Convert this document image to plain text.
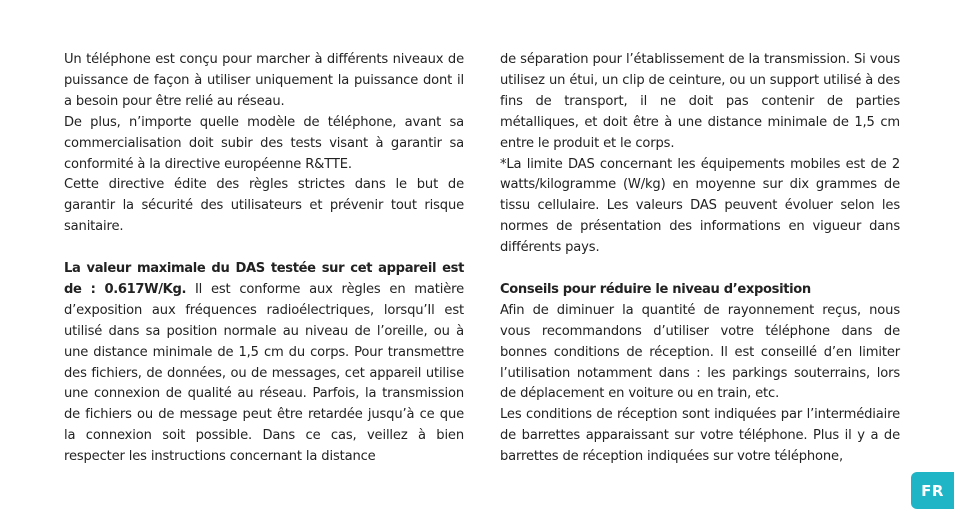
Un téléphone est conçu pour marcher à différents niveaux de puissance de façon à utiliser uniquement la puissance dont il a besoin pour être relié au réseau.

De plus, n’importe quelle modèle de téléphone, avant sa commercialisation doit subir des tests visant à garantir sa conformité à la directive européenne R&TTE.

Cette directive édite des règles strictes dans le but de garantir la sécurité des utilisateurs et prévenir tout risque sanitaire.

La valeur maximale du DAS testée sur cet appareil est de : 0.617W/Kg. Il est conforme aux règles en matière d’exposition aux fréquences radioélectriques, lorsqu’Il est utilisé dans sa position normale au niveau de l’oreille, ou à une distance minimale de 1,5 cm du corps. Pour transmettre des fichiers, de données, ou de messages, cet appareil utilise une connexion de qualité au réseau. Parfois, la transmission de fichiers ou de message peut être retardée jusqu’à ce que la connexion soit possible. Dans ce cas, veillez à bien respecter les instructions concernant la distance

de séparation pour l’établissement de la transmission. Si vous utilisez un étui, un clip de ceinture, ou un support utilisé à des fins de transport, il ne doit pas contenir de parties métalliques, et doit être à une distance minimale de 1,5 cm entre le produit et le corps.

*La limite DAS concernant les équipements mobiles est de 2 watts/kilogramme (W/kg) en moyenne sur dix grammes de tissu cellulaire. Les valeurs DAS peuvent évoluer selon les normes de présentation des informations en vigueur dans différents pays.

Conseils pour réduire le niveau d’exposition

Afin de diminuer la quantité de rayonnement reçus, nous vous recommandons d’utiliser votre téléphone dans de bonnes conditions de réception. Il est conseillé d’en limiter l’utilisation notamment dans : les parkings souterrains, lors de déplacement en voiture ou en train, etc.

Les conditions de réception sont indiquées par l’intermédiaire de barrettes apparaissant sur votre téléphone. Plus il y a de barrettes de réception indiquées sur votre téléphone,

FR
